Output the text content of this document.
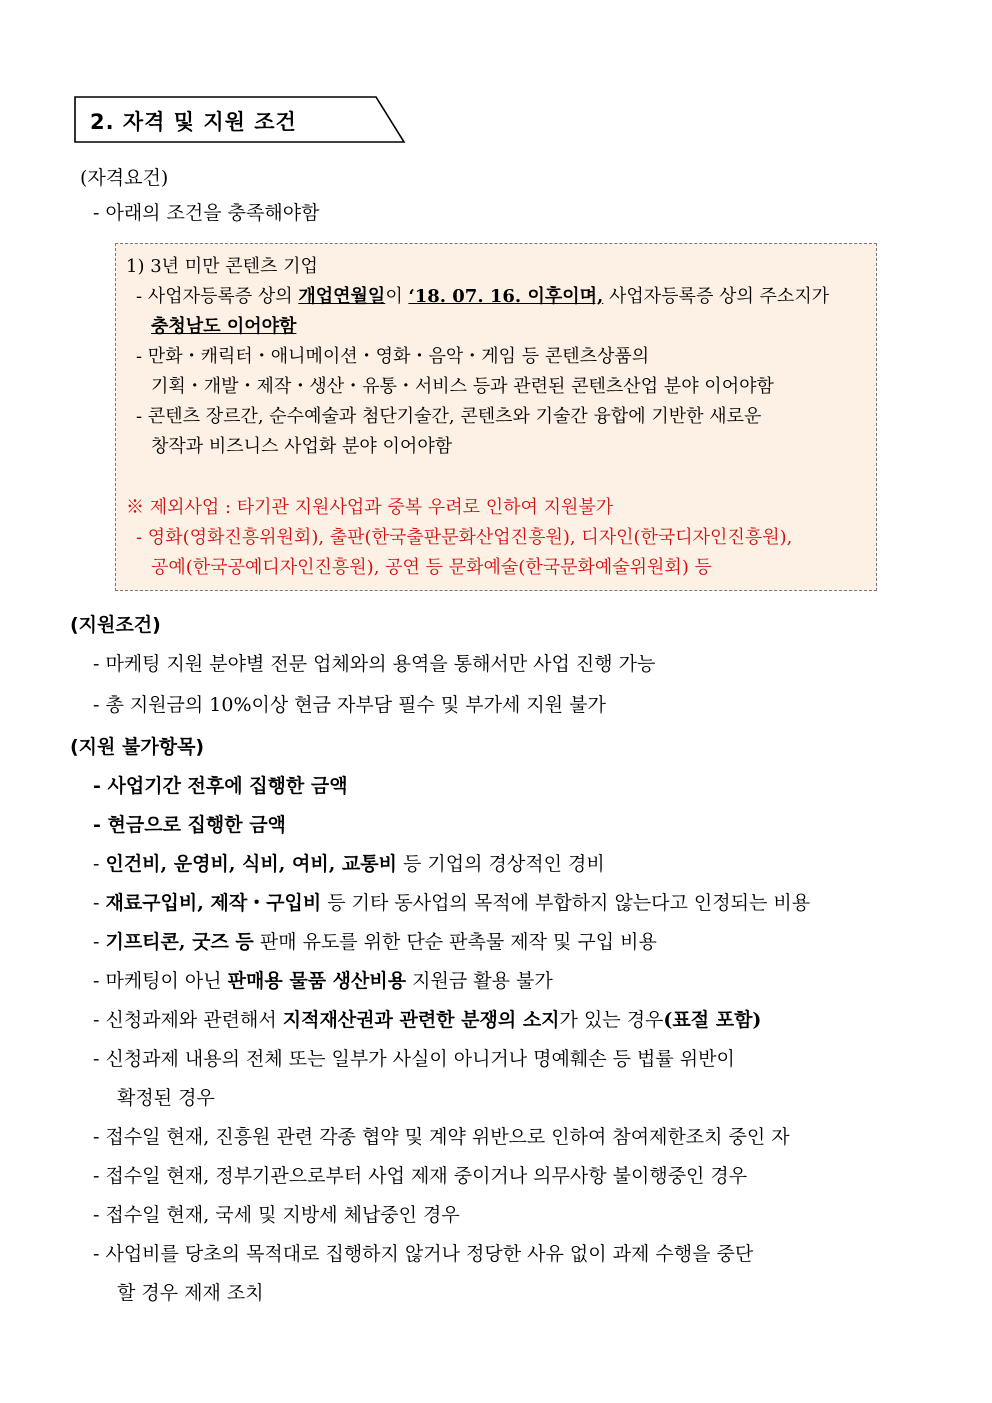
2. 자격 및 지원 조건
(자격요건)
- 아래의 조건을 충족해야함
1) 3년 미만 콘텐츠 기업
- 사업자등록증 상의 개업연월일이 ‘18. 07. 16. 이후이며, 사업자등록증 상의 주소지가
충청남도 이어야함
- 만화・캐릭터・애니메이션・영화・음악・게임 등 콘텐츠상품의
기획・개발・제작・생산・유통・서비스 등과 관련된 콘텐츠산업 분야 이어야함
- 콘텐츠 장르간, 순수예술과 첨단기술간, 콘텐츠와 기술간 융합에 기반한 새로운
창작과 비즈니스 사업화 분야 이어야함
※ 제외사업 : 타기관 지원사업과 중복 우려로 인하여 지원불가
- 영화(영화진흥위원회), 출판(한국출판문화산업진흥원), 디자인(한국디자인진흥원),
공예(한국공예디자인진흥원), 공연 등 문화예술(한국문화예술위원회) 등
(지원조건)
- 마케팅 지원 분야별 전문 업체와의 용역을 통해서만 사업 진행 가능
- 총 지원금의 10%이상 현금 자부담 필수 및 부가세 지원 불가
(지원 불가항목)
- 사업기간 전후에 집행한 금액
- 현금으로 집행한 금액
- 인건비, 운영비, 식비, 여비, 교통비 등 기업의 경상적인 경비
- 재료구입비, 제작・구입비 등 기타 동사업의 목적에 부합하지 않는다고 인정되는 비용
- 기프티콘, 굿즈 등 판매 유도를 위한 단순 판촉물 제작 및 구입 비용
- 마케팅이 아닌 판매용 물품 생산비용 지원금 활용 불가
- 신청과제와 관련해서 지적재산권과 관련한 분쟁의 소지가 있는 경우(표절 포함)
- 신청과제 내용의 전체 또는 일부가 사실이 아니거나 명예훼손 등 법률 위반이
확정된 경우
- 접수일 현재, 진흥원 관련 각종 협약 및 계약 위반으로 인하여 참여제한조치 중인 자
- 접수일 현재, 정부기관으로부터 사업 제재 중이거나 의무사항 불이행중인 경우
- 접수일 현재, 국세 및 지방세 체납중인 경우
- 사업비를 당초의 목적대로 집행하지 않거나 정당한 사유 없이 과제 수행을 중단
할 경우 제재 조치
